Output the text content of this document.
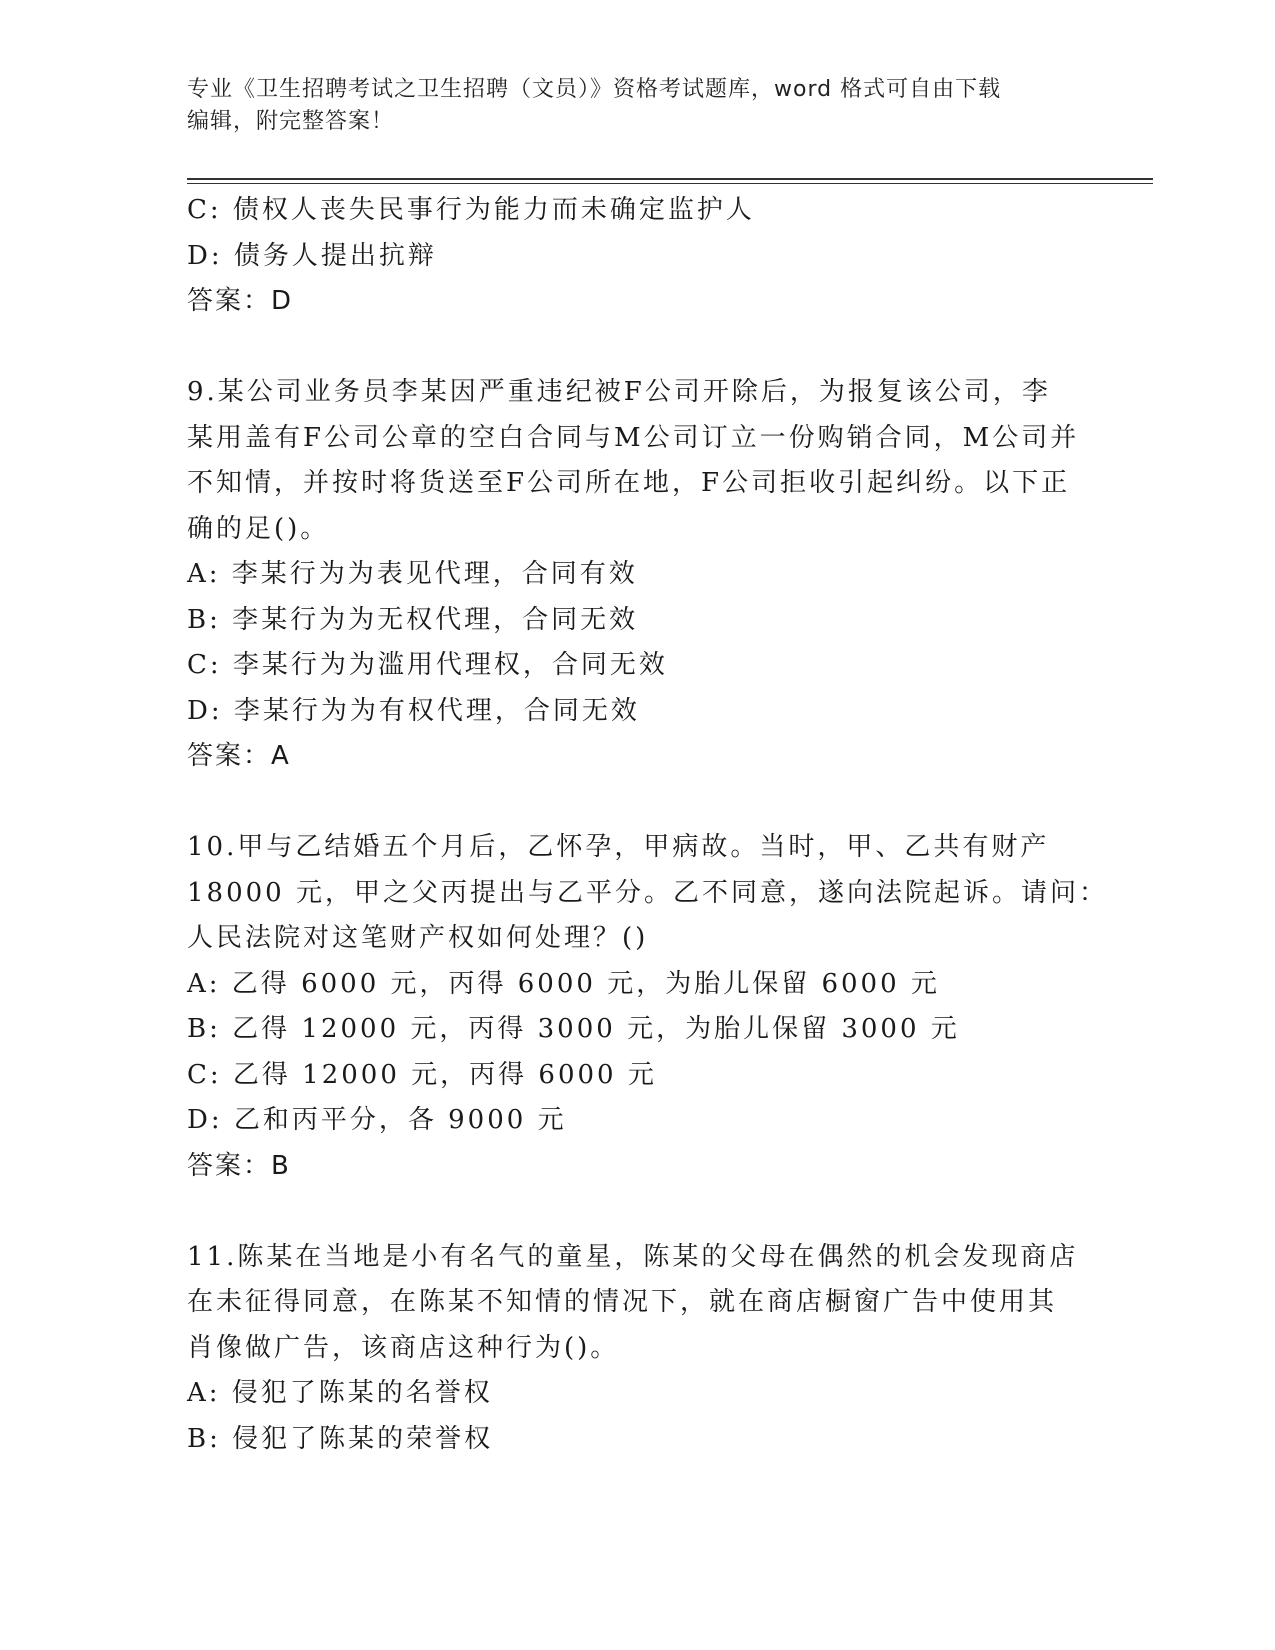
专业《卫生招聘考试之卫生招聘（文员）》资格考试题库，word 格式可自由下载
编辑，附完整答案！
C: 债权人丧失民事行为能力而未确定监护人
D: 债务人提出抗辩
答案：D
9.某公司业务员李某因严重违纪被F公司开除后，为报复该公司，李
某用盖有F公司公章的空白合同与M公司订立一份购销合同，M公司并
不知情，并按时将货送至F公司所在地，F公司拒收引起纠纷。以下正
确的足()。
A: 李某行为为表见代理，合同有效
B: 李某行为为无权代理，合同无效
C: 李某行为为滥用代理权，合同无效
D: 李某行为为有权代理，合同无效
答案：A
10.甲与乙结婚五个月后，乙怀孕，甲病故。当时，甲、乙共有财产
18000 元，甲之父丙提出与乙平分。乙不同意，遂向法院起诉。请问：
人民法院对这笔财产权如何处理？()
A: 乙得 6000 元，丙得 6000 元，为胎儿保留 6000 元
B: 乙得 12000 元，丙得 3000 元，为胎儿保留 3000 元
C: 乙得 12000 元，丙得 6000 元
D: 乙和丙平分，各 9000 元
答案：B
11.陈某在当地是小有名气的童星，陈某的父母在偶然的机会发现商店
在未征得同意，在陈某不知情的情况下，就在商店橱窗广告中使用其
肖像做广告，该商店这种行为()。
A: 侵犯了陈某的名誉权
B: 侵犯了陈某的荣誉权
